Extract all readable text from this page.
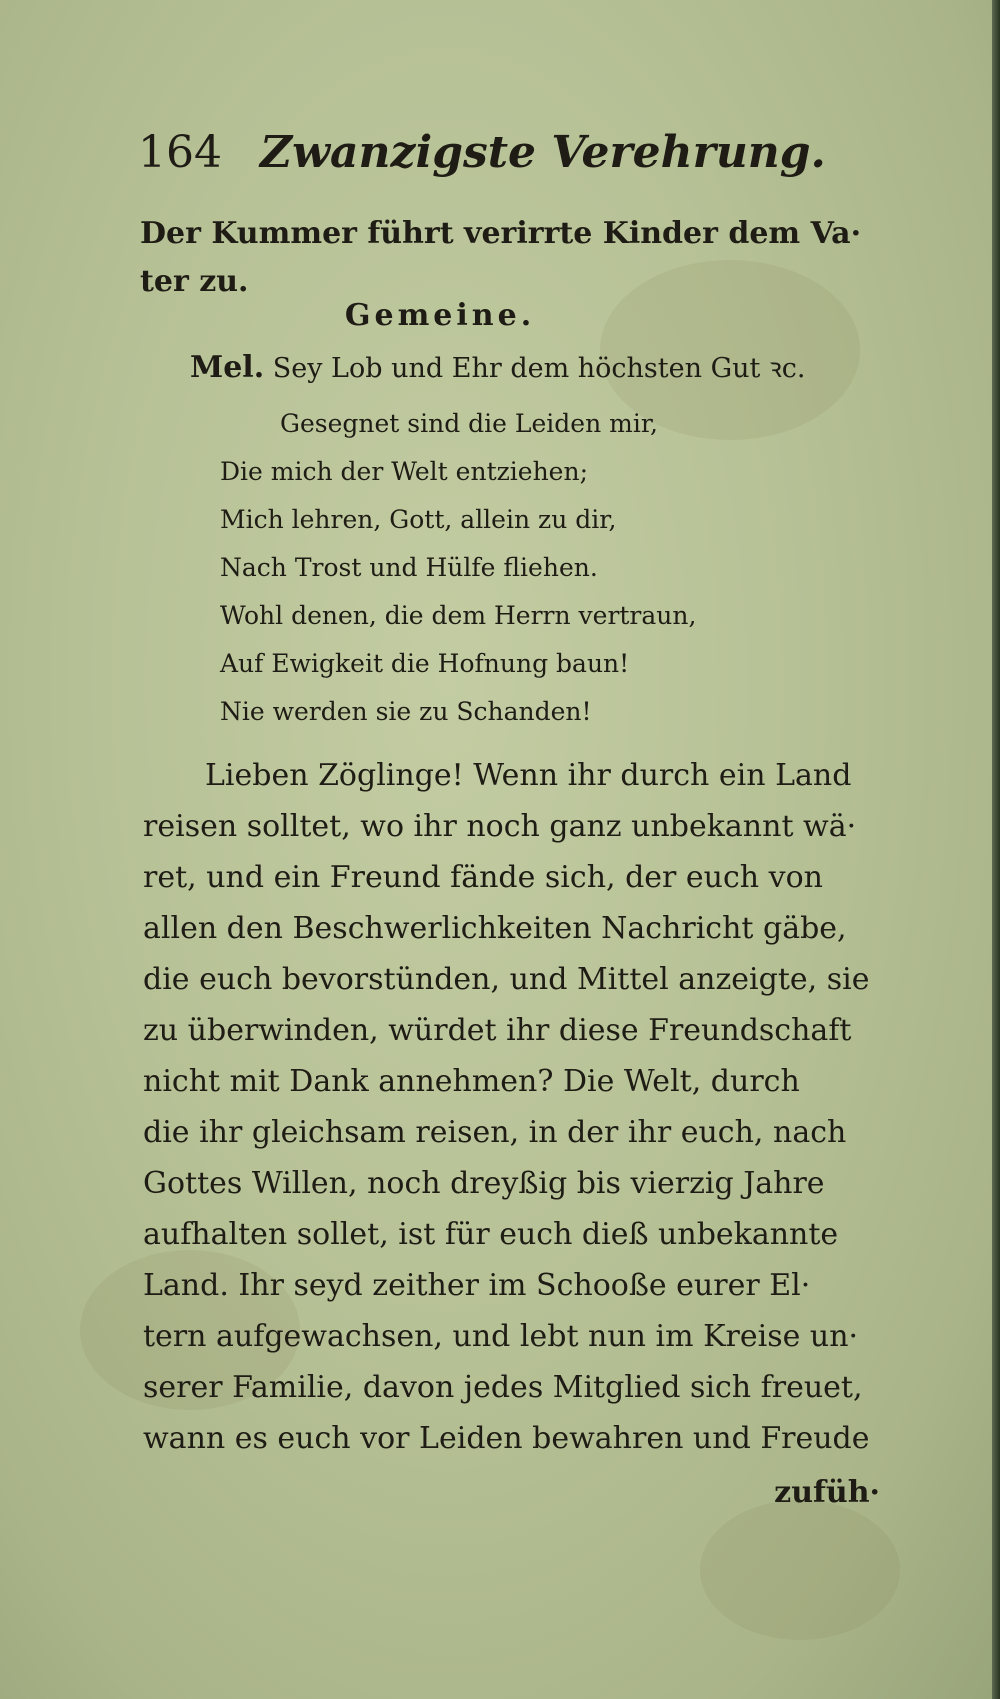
164 Zwanzigste Verehrung.
Der Kummer führt verirrte Kinder dem Va·
ter zu.
Gemeine.
Mel. Sey Lob und Ehr dem höchsten Gut ꝛc.
Gesegnet sind die Leiden mir,
Die mich der Welt entziehen;
Mich lehren, Gott, allein zu dir,
Nach Trost und Hülfe fliehen.
Wohl denen, die dem Herrn vertraun,
Auf Ewigkeit die Hofnung baun!
Nie werden sie zu Schanden!
Lieben Zöglinge! Wenn ihr durch ein Land
reisen solltet, wo ihr noch ganz unbekannt wä·
ret, und ein Freund fände sich, der euch von
allen den Beschwerlichkeiten Nachricht gäbe,
die euch bevorstünden, und Mittel anzeigte, sie
zu überwinden, würdet ihr diese Freundschaft
nicht mit Dank annehmen? Die Welt, durch
die ihr gleichsam reisen, in der ihr euch, nach
Gottes Willen, noch dreyßig bis vierzig Jahre
aufhalten sollet, ist für euch dieß unbekannte
Land. Ihr seyd zeither im Schooße eurer El·
tern aufgewachsen, und lebt nun im Kreise un·
serer Familie, davon jedes Mitglied sich freuet,
wann es euch vor Leiden bewahren und Freude
zufüh·
